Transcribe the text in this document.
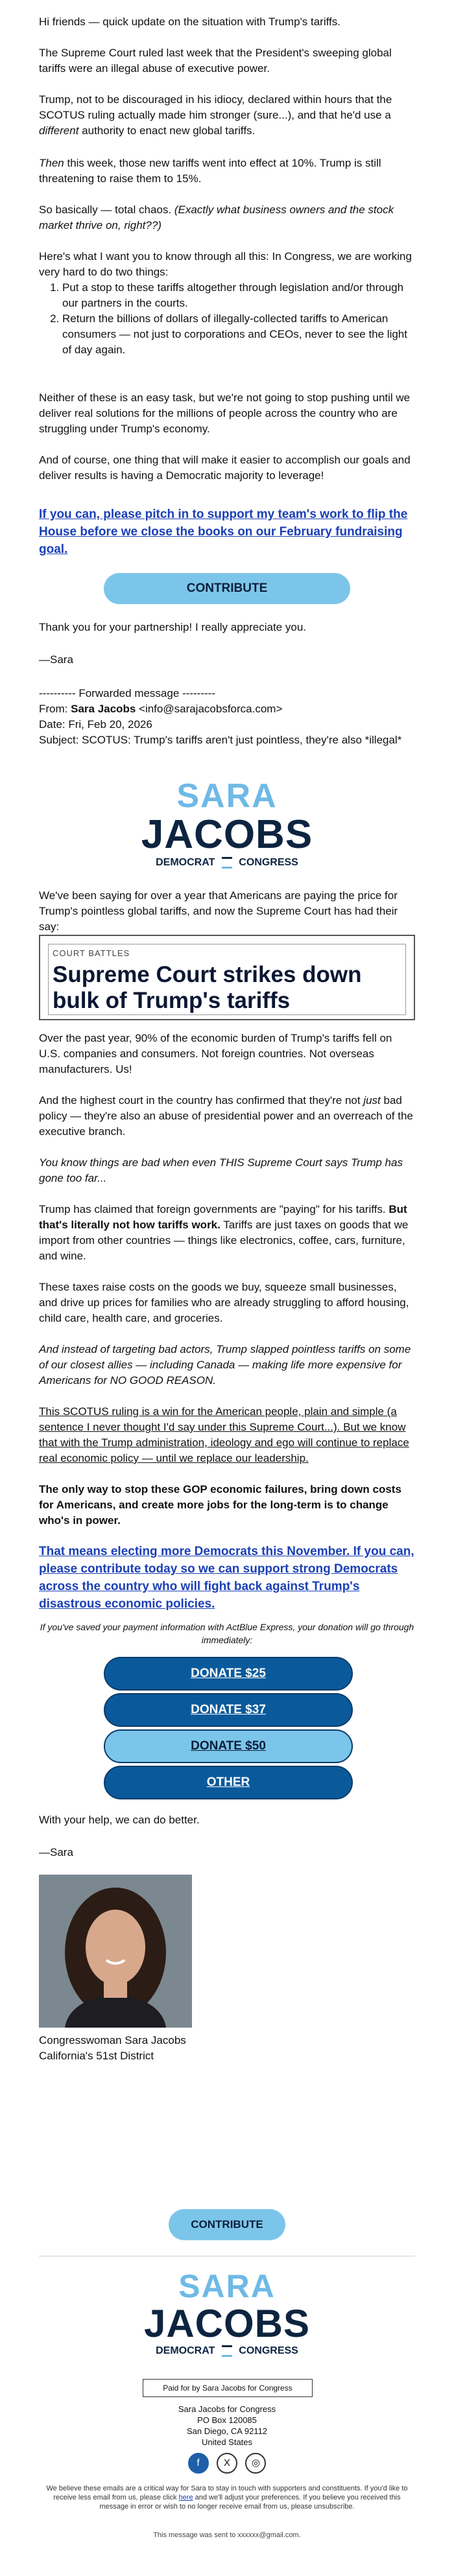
Hi friends — quick update on the situation with Trump's tariffs.

The Supreme Court ruled last week that the President's sweeping global tariffs were an illegal abuse of executive power.

Trump, not to be discouraged in his idiocy, declared within hours that the SCOTUS ruling actually made him stronger (sure...), and that he'd use a different authority to enact new global tariffs.

Then this week, those new tariffs went into effect at 10%. Trump is still threatening to raise them to 15%.

So basically — total chaos. (Exactly what business owners and the stock market thrive on, right??)

Here's what I want you to know through all this: In Congress, we are working very hard to do two things:

1. Put a stop to these tariffs altogether through legislation and/or through our partners in the courts.
2. Return the billions of dollars of illegally-collected tariffs to American consumers — not just to corporations and CEOs, never to see the light of day again.

Neither of these is an easy task, but we're not going to stop pushing until we deliver real solutions for the millions of people across the country who are struggling under Trump's economy.

And of course, one thing that will make it easier to accomplish our goals and deliver results is having a Democratic majority to leverage!

If you can, please pitch in to support my team's work to flip the House before we close the books on our February fundraising goal.
CONTRIBUTE

Thank you for your partnership! I really appreciate you.

—Sara

---------- Forwarded message ---------

From: Sara Jacobs <info@sarajacobsforca.com>

Date: Fri, Feb 20, 2026

Subject: SCOTUS: Trump's tariffs aren't just pointless, they're also *illegal*

SARA
JACOBS
DEMOCRAT CONGRESS

We've been saying for over a year that Americans are paying the price for Trump's pointless global tariffs, and now the Supreme Court has had their say:

COURT BATTLES
Supreme Court strikes down bulk of Trump's tariffs

Over the past year, 90% of the economic burden of Trump's tariffs fell on U.S. companies and consumers. Not foreign countries. Not overseas manufacturers. Us!

And the highest court in the country has confirmed that they're not just bad policy — they're also an abuse of presidential power and an overreach of the executive branch.

You know things are bad when even THIS Supreme Court says Trump has gone too far...

Trump has claimed that foreign governments are "paying" for his tariffs. But that's literally not how tariffs work. Tariffs are just taxes on goods that we import from other countries — things like electronics, coffee, cars, furniture, and wine.

These taxes raise costs on the goods we buy, squeeze small businesses, and drive up prices for families who are already struggling to afford housing, child care, health care, and groceries.

And instead of targeting bad actors, Trump slapped pointless tariffs on some of our closest allies — including Canada — making life more expensive for Americans for NO GOOD REASON.

This SCOTUS ruling is a win for the American people, plain and simple (a sentence I never thought I'd say under this Supreme Court...). But we know that with the Trump administration, ideology and ego will continue to replace real economic policy — until we replace our leadership.

The only way to stop these GOP economic failures, bring down costs for Americans, and create more jobs for the long-term is to change who's in power.

That means electing more Democrats this November. If you can, please contribute today so we can support strong Democrats across the country who will fight back against Trump's disastrous economic policies.

If you've saved your payment information with ActBlue Express, your donation will go through immediately:

DONATE $25
DONATE $37
DONATE $50
OTHER

With your help, we can do better.

—Sara

Congresswoman Sara Jacobs

California's 51st District

CONTRIBUTE
SARA
JACOBS
DEMOCRAT CONGRESS
Paid for by Sara Jacobs for Congress
Sara Jacobs for Congress
PO Box 120085
San Diego, CA 92112
United States
f X ◎

We believe these emails are a critical way for Sara to stay in touch with supporters and constituents. If you'd like to receive less email from us, please click here and we'll adjust your preferences. If you believe you received this message in error or wish to no longer receive email from us, please unsubscribe.

This message was sent to xxxxxx@gmail.com.
